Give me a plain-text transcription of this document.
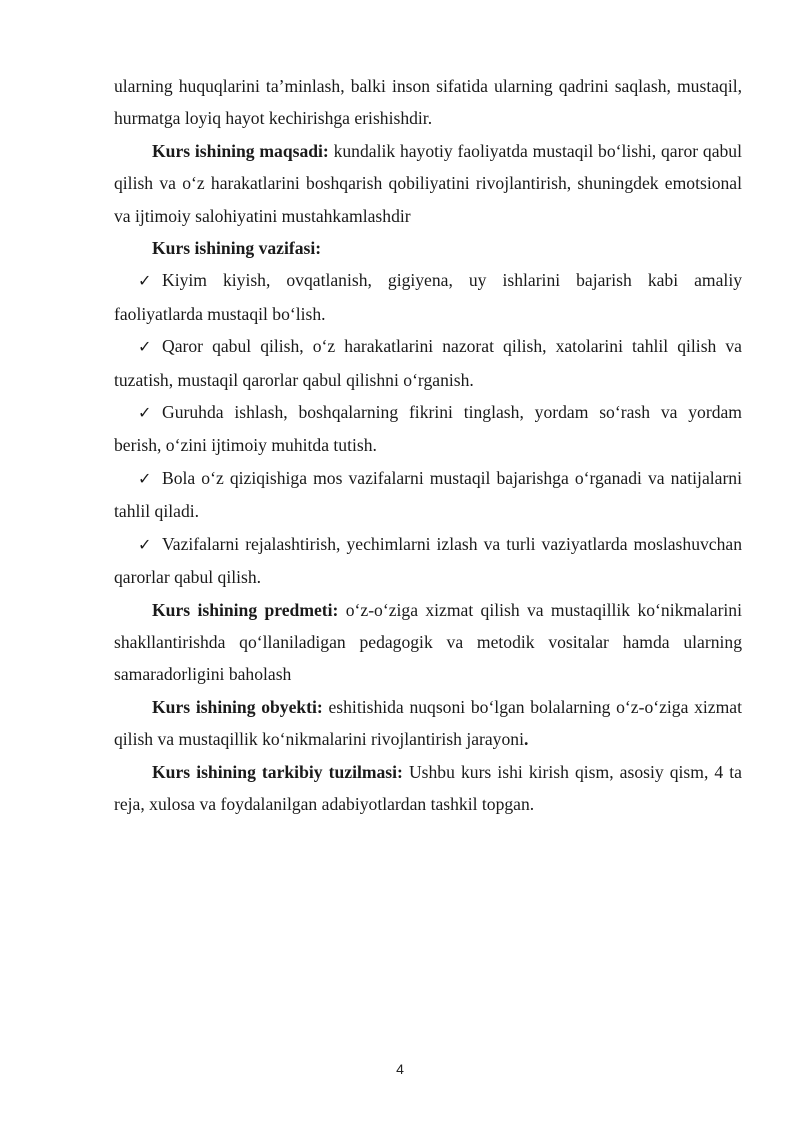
ularning huquqlarini ta’minlash, balki inson sifatida ularning qadrini saqlash, mustaqil, hurmatga loyiq hayot kechirishga erishishdir.

Kurs ishining maqsadi: kundalik hayotiy faoliyatda mustaqil bo‘lishi, qaror qabul qilish va o‘z harakatlarini boshqarish qobiliyatini rivojlantirish, shuningdek emotsional va ijtimoiy salohiyatini mustahkamlashdir

Kurs ishining vazifasi:

✓ Kiyim kiyish, ovqatlanish, gigiyena, uy ishlarini bajarish kabi amaliy faoliyatlarda mustaqil bo‘lish.

✓ Qaror qabul qilish, o‘z harakatlarini nazorat qilish, xatolarini tahlil qilish va tuzatish, mustaqil qarorlar qabul qilishni o‘rganish.

✓ Guruhda ishlash, boshqalarning fikrini tinglash, yordam so‘rash va yordam berish, o‘zini ijtimoiy muhitda tutish.

✓ Bola o‘z qiziqishiga mos vazifalarni mustaqil bajarishga o‘rganadi va natijalarni tahlil qiladi.

✓ Vazifalarni rejalashtirish, yechimlarni izlash va turli vaziyatlarda moslashuvchan qarorlar qabul qilish.

Kurs ishining predmeti: o‘z-o‘ziga xizmat qilish va mustaqillik ko‘nikmalarini shakllantirishda qo‘llaniladigan pedagogik va metodik vositalar hamda ularning samaradorligini baholash

Kurs ishining obyekti: eshitishida nuqsoni bo‘lgan bolalarning o‘z-o‘ziga xizmat qilish va mustaqillik ko‘nikmalarini rivojlantirish jarayoni.

Kurs ishining tarkibiy tuzilmasi: Ushbu kurs ishi kirish qism, asosiy qism, 4 ta reja, xulosa va foydalanilgan adabiyotlardan tashkil topgan.

4
